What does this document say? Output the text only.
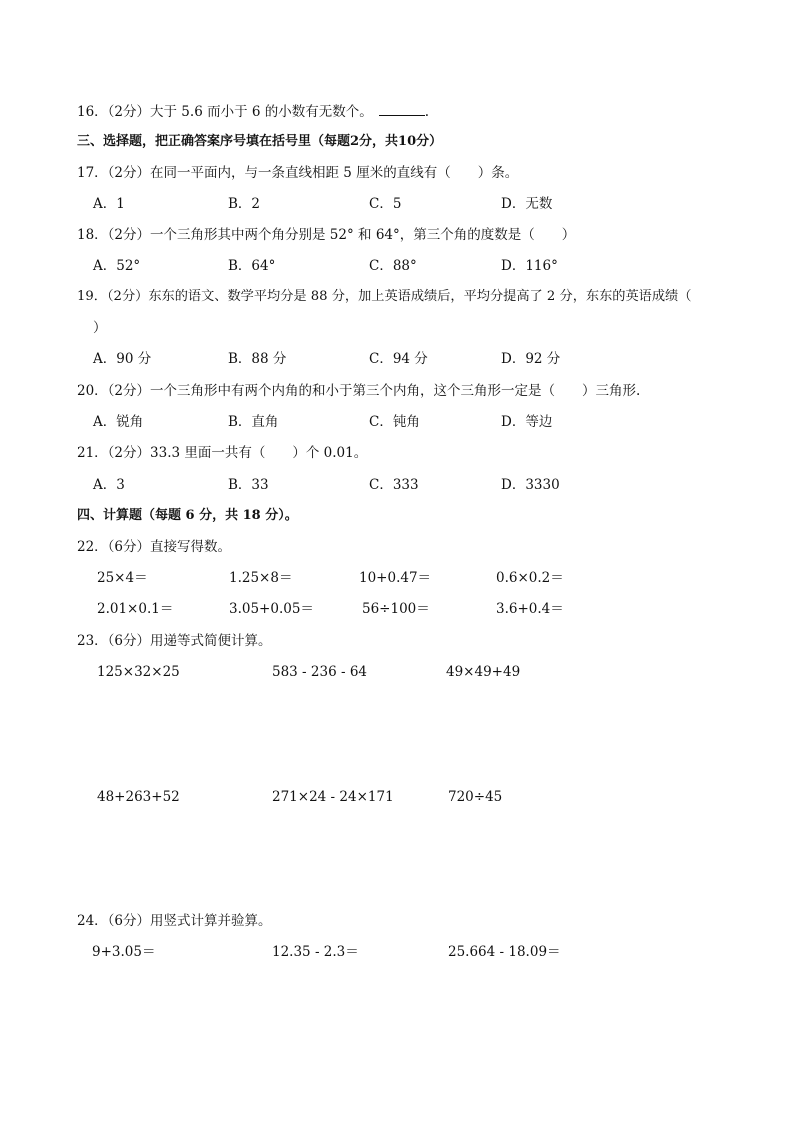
16．（2分）大于 5.6 而小于 6 的小数有无数个。	.
三、选择题，把正确答案序号填在括号里（每题2分，共10分）
17．（2分）在同一平面内，与一条直线相距 5 厘米的直线有（　　）条。
A．1	B．2	C．5	D．无数
18．（2分）一个三角形其中两个角分别是 52° 和 64°，第三个角的度数是（　　）
A．52°	B．64°	C．88°	D．116°
19．（2分）东东的语文、数学平均分是 88 分，加上英语成绩后，平均分提高了 2 分，东东的英语成绩（
）
A．90 分	B．88 分	C．94 分	D．92 分
20．（2分）一个三角形中有两个内角的和小于第三个内角，这个三角形一定是（　　）三角形.
A．锐角	B．直角	C．钝角	D．等边
21．（2分）33.3 里面一共有（　　）个 0.01。
A．3	B．33	C．333	D．3330
四、计算题（每题 6 分，共 18 分）。
22．（6分）直接写得数。
25×4＝	1.25×8＝	10+0.47＝	0.6×0.2＝
2.01×0.1＝	3.05+0.05＝	56÷100＝	3.6+0.4＝
23．（6分）用递等式简便计算。
125×32×25	583 - 236 - 64	49×49+49
48+263+52	271×24 - 24×171	720÷45
24．（6分）用竖式计算并验算。
9+3.05＝	12.35 - 2.3＝	25.664 - 18.09＝
